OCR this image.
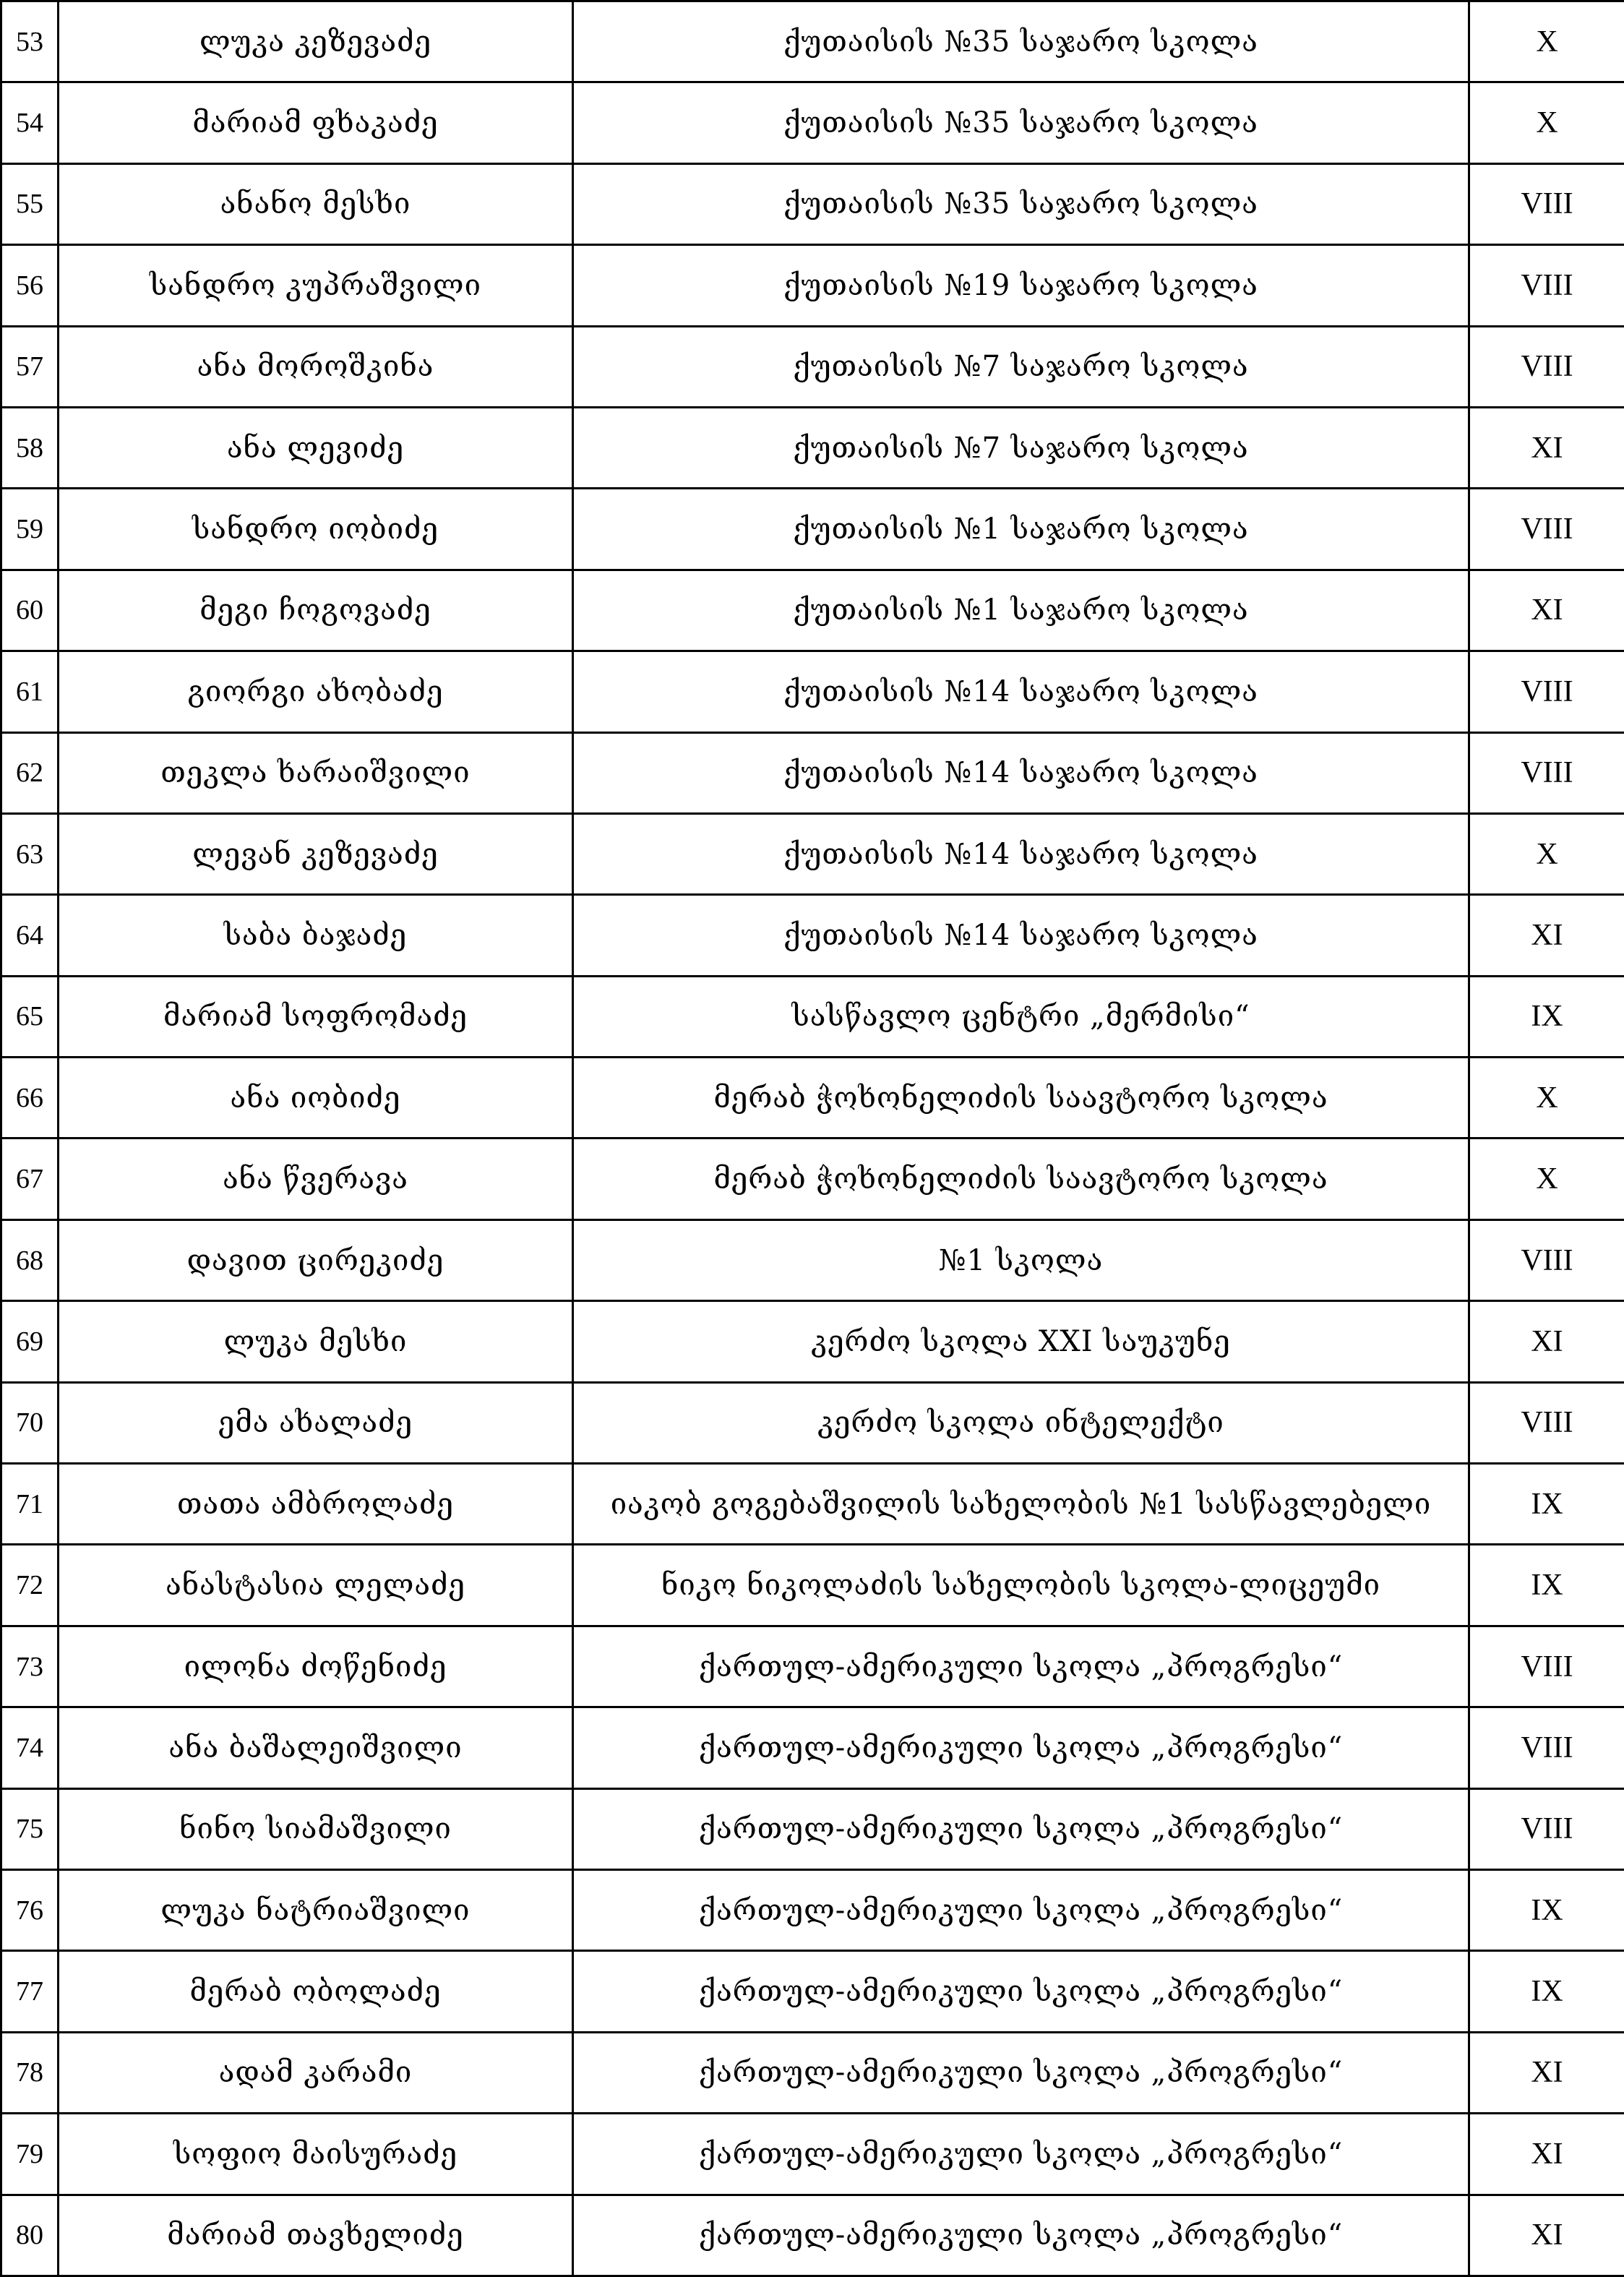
53	ლუკა კეზევაძე	ქუთაისის №35 საჯარო სკოლა	X
54	მარიამ ფხაკაძე	ქუთაისის №35 საჯარო სკოლა	X
55	ანანო მესხი	ქუთაისის №35 საჯარო სკოლა	VIII
56	სანდრო კუპრაშვილი	ქუთაისის №19 საჯარო სკოლა	VIII
57	ანა მოროშკინა	ქუთაისის №7 საჯარო სკოლა	VIII
58	ანა ლევიძე	ქუთაისის №7 საჯარო სკოლა	XI
59	სანდრო იობიძე	ქუთაისის №1 საჯარო სკოლა	VIII
60	მეგი ჩოგოვაძე	ქუთაისის №1 საჯარო სკოლა	XI
61	გიორგი ახობაძე	ქუთაისის №14 საჯარო სკოლა	VIII
62	თეკლა ხარაიშვილი	ქუთაისის №14 საჯარო სკოლა	VIII
63	ლევან კეზევაძე	ქუთაისის №14 საჯარო სკოლა	X
64	საბა ბაჯაძე	ქუთაისის №14 საჯარო სკოლა	XI
65	მარიამ სოფრომაძე	სასწავლო ცენტრი „მერმისი“	IX
66	ანა იობიძე	მერაბ ჭოხონელიძის საავტორო სკოლა	X
67	ანა წვერავა	მერაბ ჭოხონელიძის საავტორო სკოლა	X
68	დავით ცირეკიძე	№1 სკოლა	VIII
69	ლუკა მესხი	კერძო სკოლა XXI საუკუნე	XI
70	ემა ახალაძე	კერძო სკოლა ინტელექტი	VIII
71	თათა ამბროლაძე	იაკობ გოგებაშვილის სახელობის №1 სასწავლებელი	IX
72	ანასტასია ლელაძე	ნიკო ნიკოლაძის სახელობის სკოლა-ლიცეუმი	IX
73	ილონა ძოწენიძე	ქართულ-ამერიკული სკოლა „პროგრესი“	VIII
74	ანა ბაშალეიშვილი	ქართულ-ამერიკული სკოლა „პროგრესი“	VIII
75	ნინო სიამაშვილი	ქართულ-ამერიკული სკოლა „პროგრესი“	VIII
76	ლუკა ნატრიაშვილი	ქართულ-ამერიკული სკოლა „პროგრესი“	IX
77	მერაბ ობოლაძე	ქართულ-ამერიკული სკოლა „პროგრესი“	IX
78	ადამ კარამი	ქართულ-ამერიკული სკოლა „პროგრესი“	XI
79	სოფიო მაისურაძე	ქართულ-ამერიკული სკოლა „პროგრესი“	XI
80	მარიამ თავხელიძე	ქართულ-ამერიკული სკოლა „პროგრესი“	XI
